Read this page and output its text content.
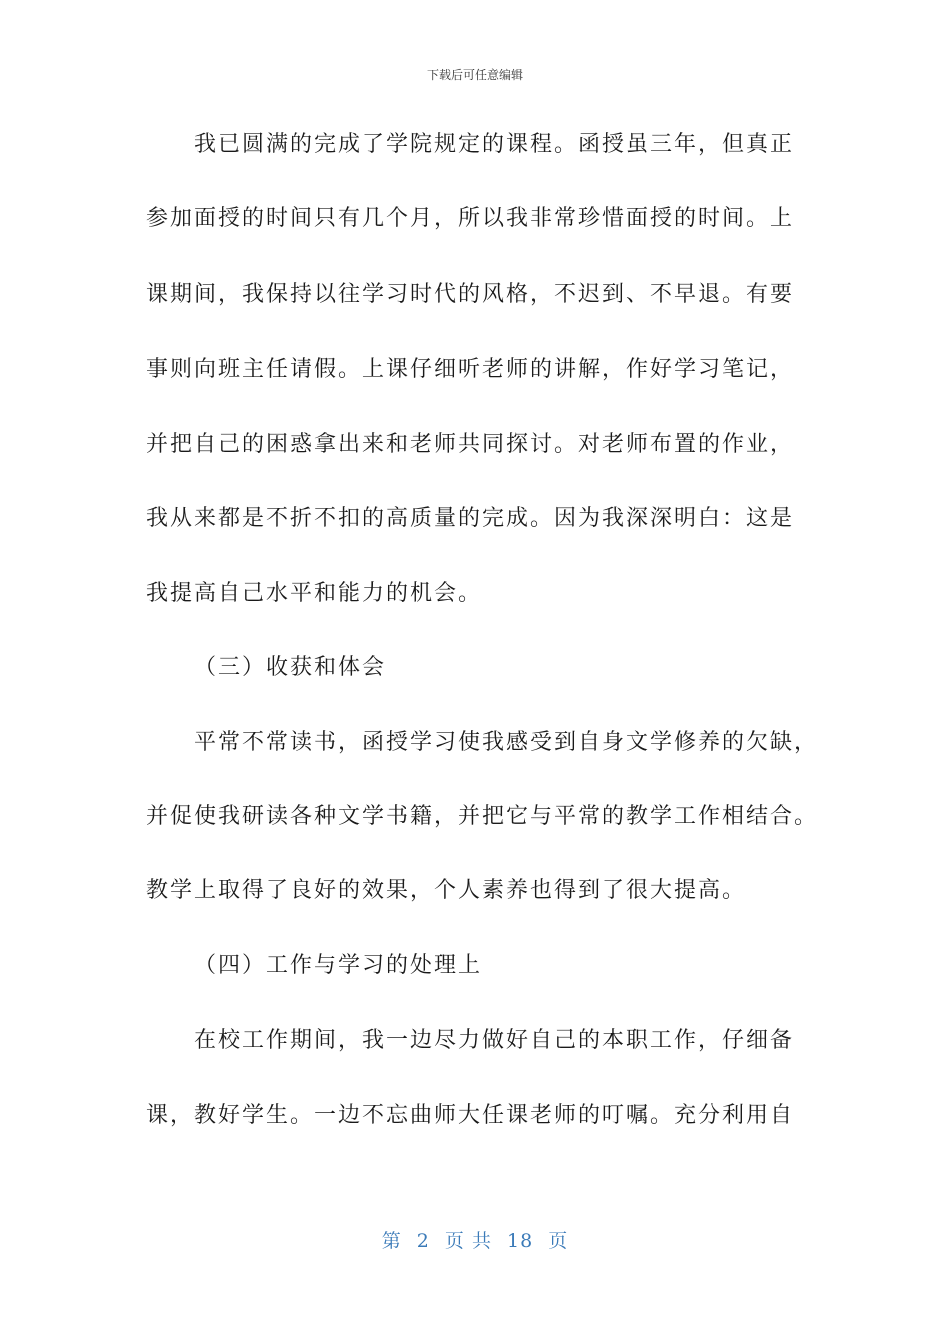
下载后可任意编辑
我已圆满的完成了学院规定的课程。函授虽三年，但真正
参加面授的时间只有几个月，所以我非常珍惜面授的时间。上
课期间，我保持以往学习时代的风格，不迟到、不早退。有要
事则向班主任请假。上课仔细听老师的讲解，作好学习笔记，
并把自己的困惑拿出来和老师共同探讨。对老师布置的作业，
我从来都是不折不扣的高质量的完成。因为我深深明白：这是
我提高自己水平和能力的机会。
（三）收获和体会
平常不常读书，函授学习使我感受到自身文学修养的欠缺，
并促使我研读各种文学书籍，并把它与平常的教学工作相结合。
教学上取得了良好的效果，个人素养也得到了很大提高。
（四）工作与学习的处理上
在校工作期间，我一边尽力做好自己的本职工作，仔细备
课，教好学生。一边不忘曲师大任课老师的叮嘱。充分利用自
第 2 页 共 18 页
